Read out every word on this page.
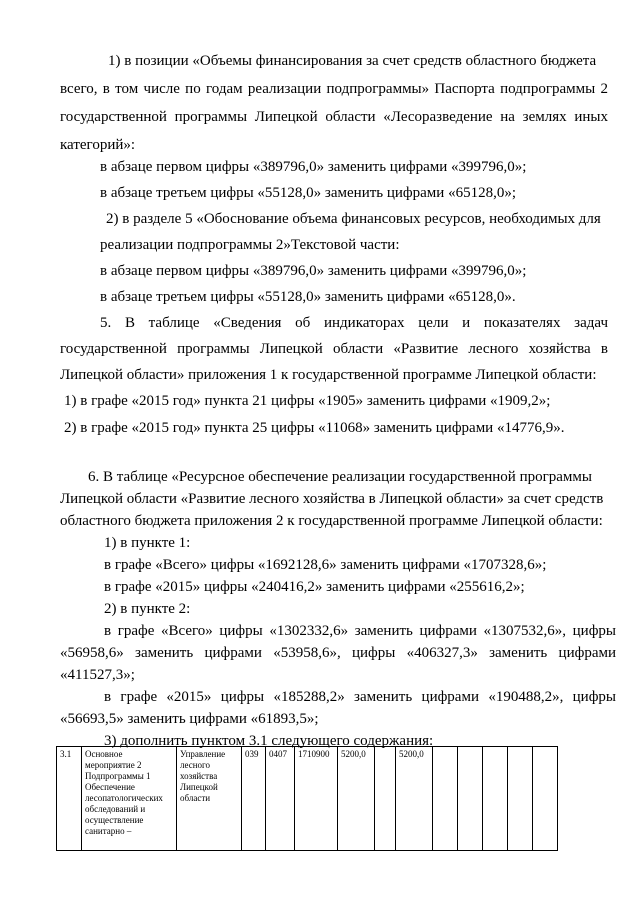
1) в позиции «Объемы финансирования за счет средств областного бюджета
всего, в том числе по годам реализации подпрограммы» Паспорта подпрограммы 2
государственной программы Липецкой области «Лесоразведение на землях иных
категорий»:
в абзаце первом цифры «389796,0» заменить цифрами «399796,0»;
в абзаце третьем цифры «55128,0» заменить цифрами «65128,0»;
2) в разделе 5 «Обоснование объема финансовых ресурсов, необходимых для
реализации подпрограммы 2»Текстовой части:
в абзаце первом цифры «389796,0» заменить цифрами «399796,0»;
в абзаце третьем цифры «55128,0» заменить цифрами «65128,0».
5. В таблице «Сведения об индикаторах цели и показателях задач
государственной программы Липецкой области «Развитие лесного хозяйства в
Липецкой области» приложения 1 к государственной программе Липецкой области:
1) в графе «2015 год» пункта 21 цифры «1905» заменить цифрами «1909,2»;
2) в графе «2015 год» пункта 25 цифры «11068» заменить цифрами «14776,9».
6. В таблице «Ресурсное обеспечение реализации государственной программы
Липецкой области «Развитие лесного хозяйства в Липецкой области» за счет средств
областного бюджета приложения 2 к государственной программе Липецкой области:
1) в пункте 1:
в графе «Всего» цифры «1692128,6» заменить цифрами «1707328,6»;
в графе «2015» цифры «240416,2» заменить цифрами «255616,2»;
2) в пункте 2:
в графе «Всего» цифры «1302332,6» заменить цифрами «1307532,6», цифры
«56958,6» заменить цифрами «53958,6», цифры «406327,3» заменить цифрами
«411527,3»;
в графе «2015» цифры «185288,2» заменить цифрами «190488,2», цифры
«56693,5» заменить цифрами «61893,5»;
3) дополнить пунктом 3.1 следующего содержания:
3.1	Основное мероприятие 2 Подпрограммы 1 Обеспечение лесопатологических обследований и осуществление санитарно –	Управление лесного хозяйства Липецкой области	039	0407	1710900	5200,0		5200,0					
